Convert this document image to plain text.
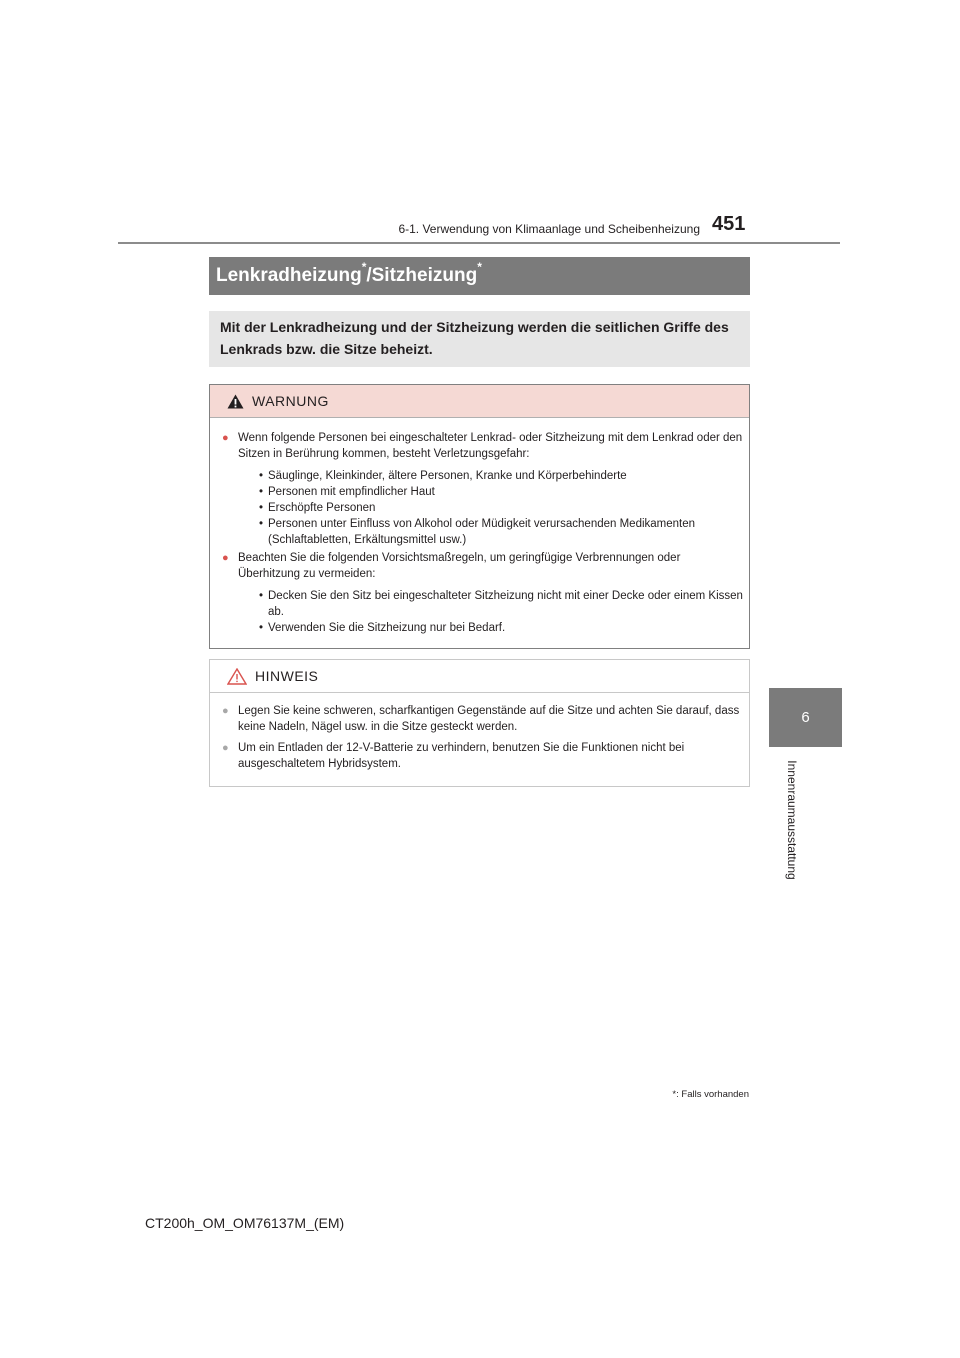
6-1. Verwendung von Klimaanlage und Scheibenheizung 451
6
Innenraumausstattung
Lenkradheizung*/Sitzheizung*
Mit der Lenkradheizung und der Sitzheizung werden die seitlichen Griffe des Lenkrads bzw. die Sitze beheizt.
WARNUNG
● Wenn folgende Personen bei eingeschalteter Lenkrad- oder Sitzheizung mit dem Lenkrad oder den Sitzen in Berührung kommen, besteht Verletzungsgefahr:
• Säuglinge, Kleinkinder, ältere Personen, Kranke und Körperbehinderte
• Personen mit empfindlicher Haut
• Erschöpfte Personen
• Personen unter Einfluss von Alkohol oder Müdigkeit verursachenden Medikamenten (Schlaftabletten, Erkältungsmittel usw.)
● Beachten Sie die folgenden Vorsichtsmaßregeln, um geringfügige Verbrennungen oder Überhitzung zu vermeiden:
• Decken Sie den Sitz bei eingeschalteter Sitzheizung nicht mit einer Decke oder einem Kissen ab.
• Verwenden Sie die Sitzheizung nur bei Bedarf.
HINWEIS
● Legen Sie keine schweren, scharfkantigen Gegenstände auf die Sitze und achten Sie darauf, dass keine Nadeln, Nägel usw. in die Sitze gesteckt werden.
● Um ein Entladen der 12-V-Batterie zu verhindern, benutzen Sie die Funktionen nicht bei ausgeschaltetem Hybridsystem.
*: Falls vorhanden
CT200h_OM_OM76137M_(EM)
